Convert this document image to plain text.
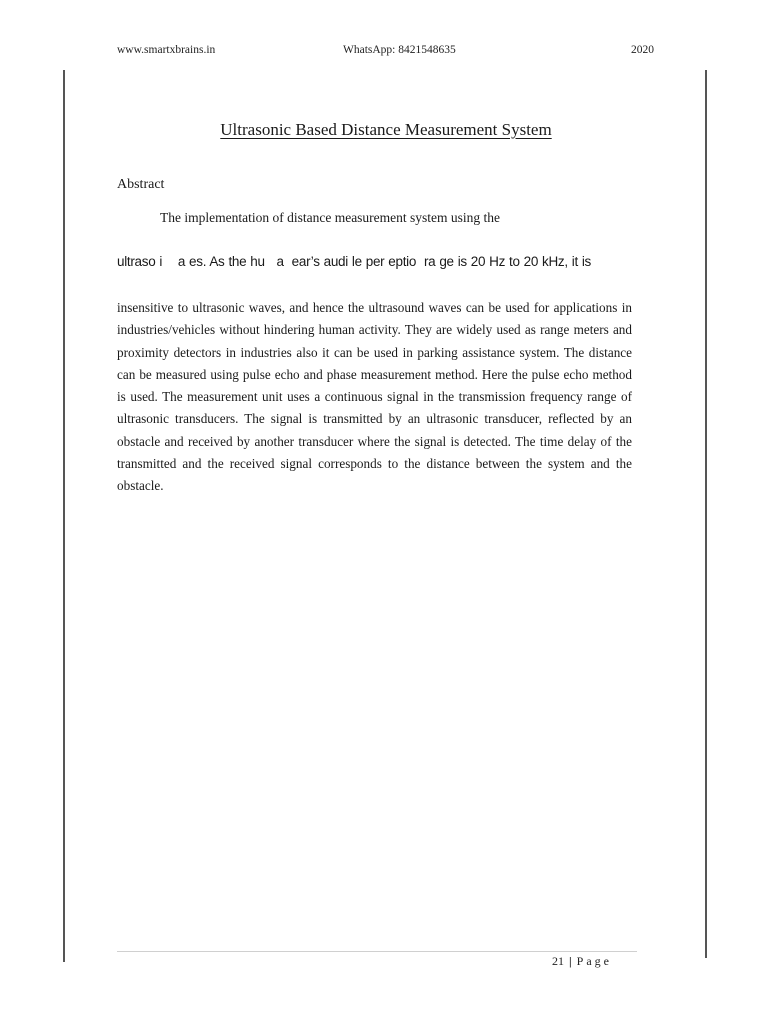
www.smartxbrains.in	WhatsApp: 8421548635	2020
Ultrasonic Based Distance Measurement System
Abstract
The implementation of distance measurement system using the
ultraso i    a es. As the hu   a  ear’s audi le per eptio  ra ge is 20 Hz to 20 kHz, it is

insensitive to ultrasonic waves, and hence the ultrasound waves can be used for applications in industries/vehicles without hindering human activity. They are widely used as range meters and proximity detectors in industries also it can be used in parking assistance system. The distance can be measured using pulse echo and phase measurement method. Here the pulse echo method is used. The measurement unit uses a continuous signal in the transmission frequency range of ultrasonic transducers. The signal is transmitted by an ultrasonic transducer, reflected by an obstacle and received by another transducer where the signal is detected. The time delay of the transmitted and the received signal corresponds to the distance between the system and the obstacle.

21 | Page
